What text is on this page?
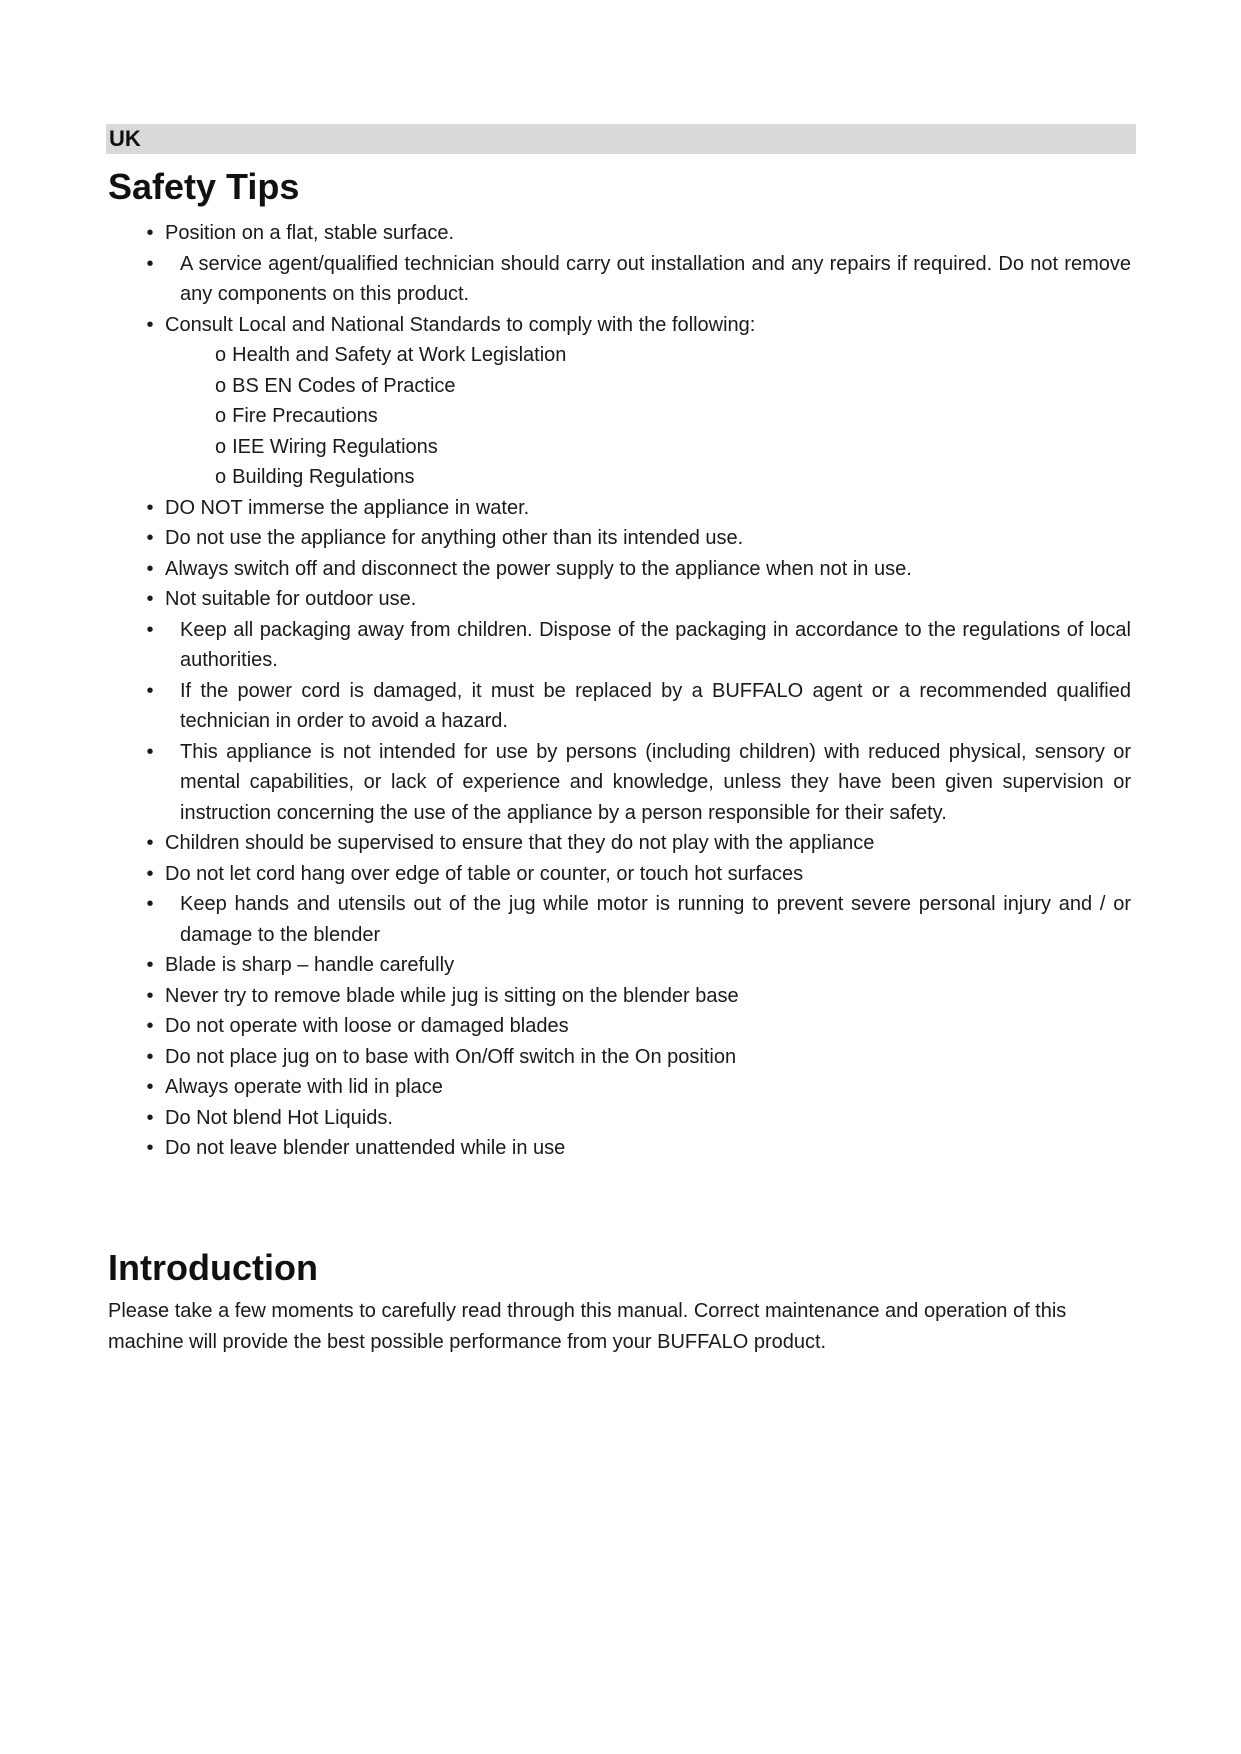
UK
Safety Tips
• Position on a flat, stable surface.
•	A service agent/qualified technician should carry out installation and any repairs if required. Do not remove any components on this product.
• Consult Local and National Standards to comply with the following:
o Health and Safety at Work Legislation
o BS EN Codes of Practice
o Fire Precautions
o IEE Wiring Regulations
o Building Regulations
• DO NOT immerse the appliance in water.
• Do not use the appliance for anything other than its intended use.
• Always switch off and disconnect the power supply to the appliance when not in use.
• Not suitable for outdoor use.
•	Keep all packaging away from children. Dispose of the packaging in accordance to the regulations of local authorities.
•	If the power cord is damaged, it must be replaced by a BUFFALO agent or a recommended qualified technician in order to avoid a hazard.
•	This appliance is not intended for use by persons (including children) with reduced physical, sensory or mental capabilities, or lack of experience and knowledge, unless they have been given supervision or instruction concerning the use of the appliance by a person responsible for their safety.
• Children should be supervised to ensure that they do not play with the appliance
• Do not let cord hang over edge of table or counter, or touch hot surfaces
•	Keep hands and utensils out of the jug while motor is running to prevent severe personal injury and / or damage to the blender
• Blade is sharp – handle carefully
• Never try to remove blade while jug is sitting on the blender base
• Do not operate with loose or damaged blades
• Do not place jug on to base with On/Off switch in the On position
• Always operate with lid in place
• Do Not blend Hot Liquids.
• Do not leave blender unattended while in use
Introduction

Please take a few moments to carefully read through this manual. Correct maintenance and operation of this machine will provide the best possible performance from your BUFFALO product.
